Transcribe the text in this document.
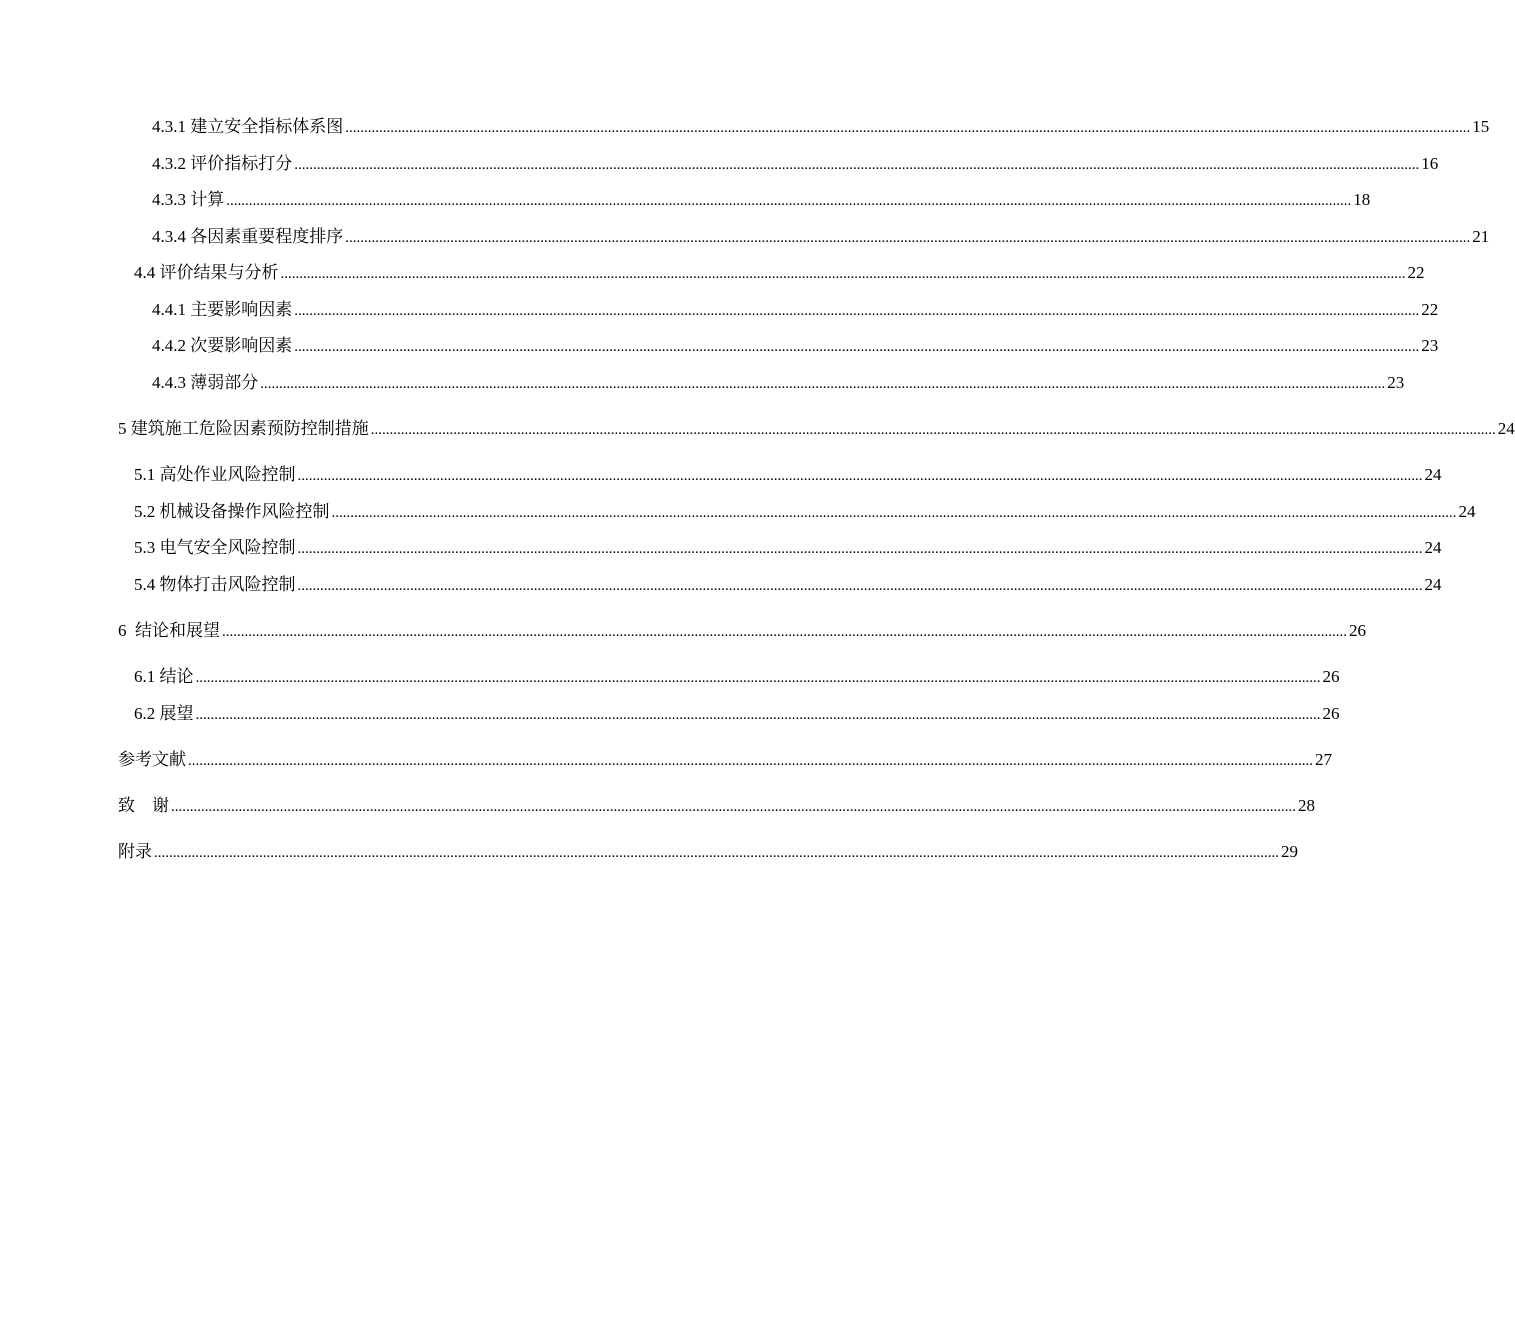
4.3.1 建立安全指标体系图 ............................................................................................................................................................................................................................................................................................................ 15
4.3.2 评价指标打分 ............................................................................................................................................................................................................................................................................................................ 16
4.3.3 计算 ............................................................................................................................................................................................................................................................................................................ 18
4.3.4 各因素重要程度排序 ............................................................................................................................................................................................................................................................................................................ 21
4.4 评价结果与分析 ............................................................................................................................................................................................................................................................................................................ 22
4.4.1 主要影响因素 ............................................................................................................................................................................................................................................................................................................ 22
4.4.2 次要影响因素 ............................................................................................................................................................................................................................................................................................................ 23
4.4.3 薄弱部分 ............................................................................................................................................................................................................................................................................................................ 23
5 建筑施工危险因素预防控制措施 ............................................................................................................................................................................................................................................................................................................ 24
5.1 高处作业风险控制 ............................................................................................................................................................................................................................................................................................................ 24
5.2 机械设备操作风险控制 ............................................................................................................................................................................................................................................................................................................ 24
5.3 电气安全风险控制 ............................................................................................................................................................................................................................................................................................................ 24
5.4 物体打击风险控制 ............................................................................................................................................................................................................................................................................................................ 24
6  结论和展望 ............................................................................................................................................................................................................................................................................................................ 26
6.1 结论 ............................................................................................................................................................................................................................................................................................................ 26
6.2 展望 ............................................................................................................................................................................................................................................................................................................ 26
参考文献 ............................................................................................................................................................................................................................................................................................................ 27
致    谢 ............................................................................................................................................................................................................................................................................................................ 28
附录 ............................................................................................................................................................................................................................................................................................................ 29
